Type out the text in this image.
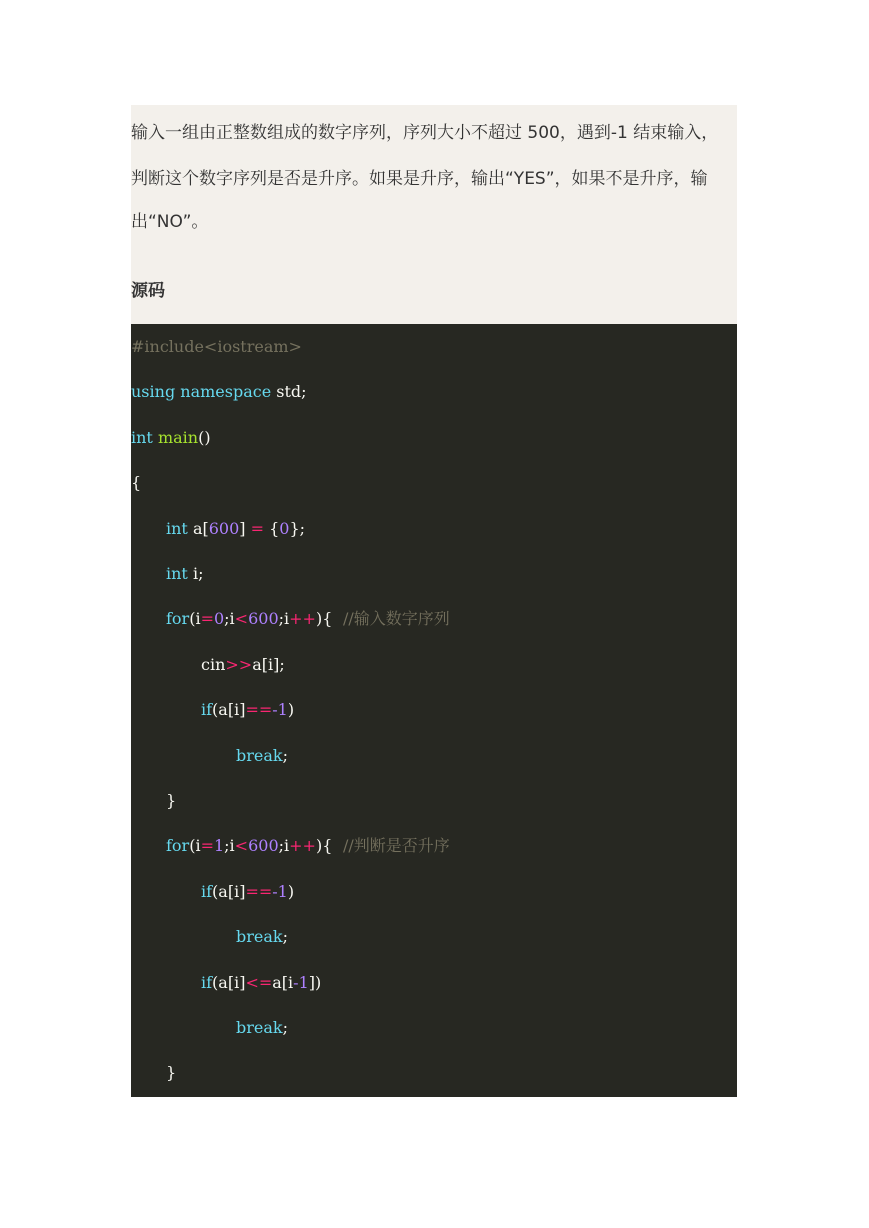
输入一组由正整数组成的数字序列，序列大小不超过 500，遇到-1 结束输入，
判断这个数字序列是否是升序。如果是升序，输出“YES”，如果不是升序，输
出“NO”。
源码
#include<iostream>
using namespace std;
int main()
{
int a[600] = {0};
int i;
for(i=0;i<600;i++){ //输入数字序列
cin>>a[i];
if(a[i]==-1)
break;
}
for(i=1;i<600;i++){ //判断是否升序
if(a[i]==-1)
break;
if(a[i]<=a[i-1])
break;
}
